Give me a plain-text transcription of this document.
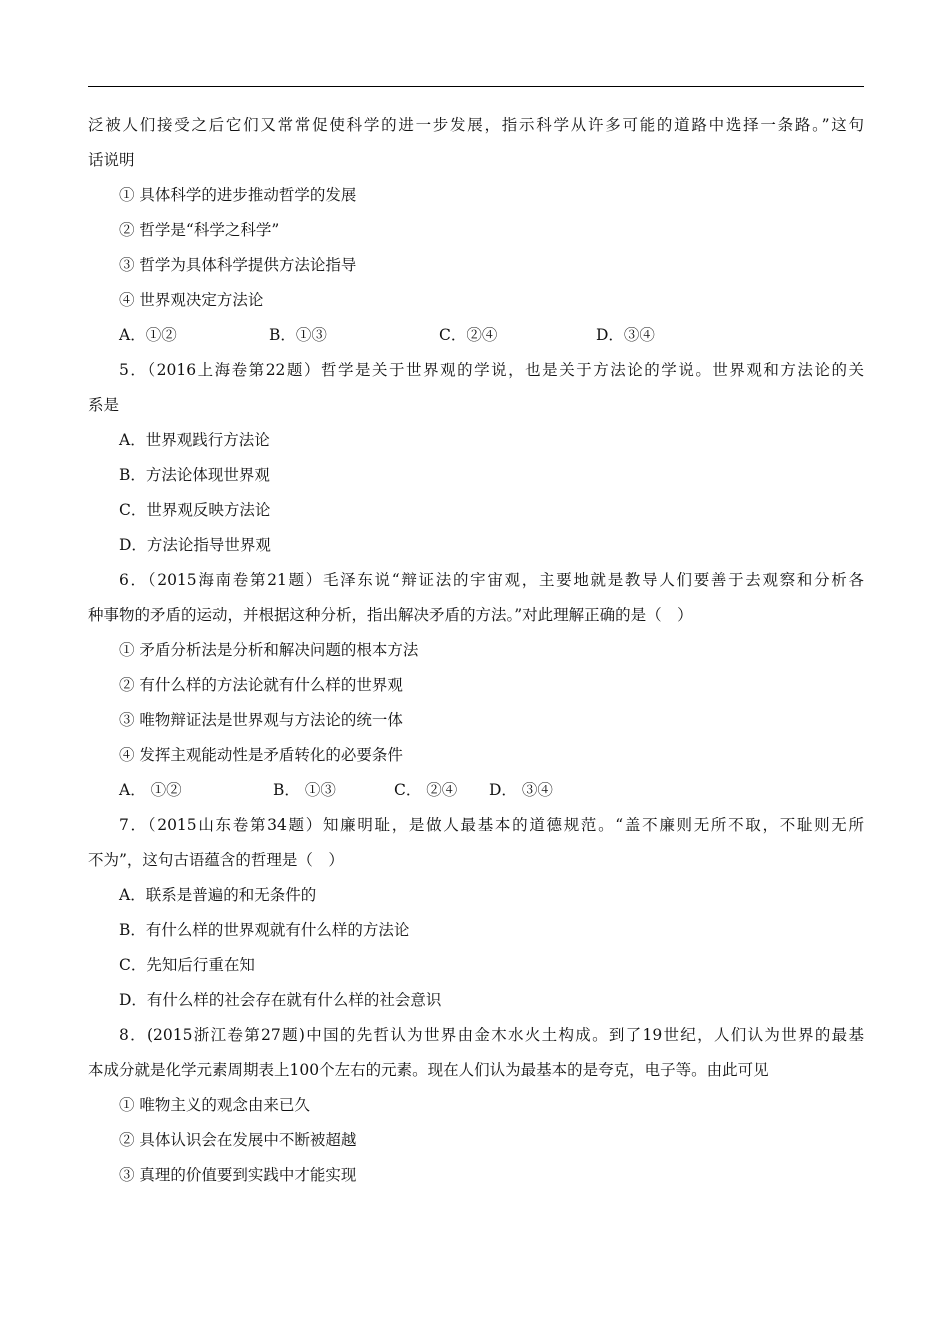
泛被人们接受之后它们又常常促使科学的进一步发展，指示科学从许多可能的道路中选择一条路。”这句
话说明
① 具体科学的进步推动哲学的发展
② 哲学是“科学之科学”
③ 哲学为具体科学提供方法论指导
④ 世界观决定方法论
A．①②	B．①③	C．②④	D．③④
5．（2016上海卷第22题）哲学是关于世界观的学说，也是关于方法论的学说。世界观和方法论的关
系是
A．世界观践行方法论
B．方法论体现世界观
C．世界观反映方法论
D．方法论指导世界观
6．（2015海南卷第21题）毛泽东说“辩证法的宇宙观，主要地就是教导人们要善于去观察和分析各
种事物的矛盾的运动，并根据这种分析，指出解决矛盾的方法。”对此理解正确的是（　）
① 矛盾分析法是分析和解决问题的根本方法
② 有什么样的方法论就有什么样的世界观
③ 唯物辩证法是世界观与方法论的统一体
④ 发挥主观能动性是矛盾转化的必要条件
A． ①②	B． ①③	C． ②④ D． ③④
7．（2015山东卷第34题）知廉明耻，是做人最基本的道德规范。“盖不廉则无所不取，不耻则无所
不为”，这句古语蕴含的哲理是（　）
A．联系是普遍的和无条件的
B．有什么样的世界观就有什么样的方法论
C．先知后行重在知
D．有什么样的社会存在就有什么样的社会意识
8．(2015浙江卷第27题)中国的先哲认为世界由金木水火土构成。到了19世纪，人们认为世界的最基
本成分就是化学元素周期表上100个左右的元素。现在人们认为最基本的是夸克，电子等。由此可见
① 唯物主义的观念由来已久
② 具体认识会在发展中不断被超越
③ 真理的价值要到实践中才能实现
